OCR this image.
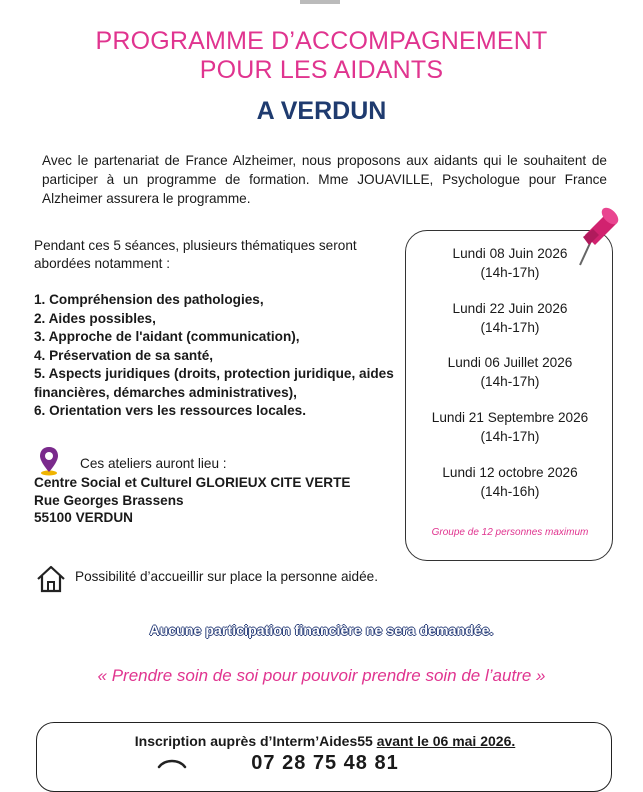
PROGRAMME D’ACCOMPAGNEMENT
POUR LES AIDANTS
A VERDUN
Avec le partenariat de France Alzheimer, nous proposons aux aidants qui le souhaitent de participer à un programme de formation. Mme JOUAVILLE, Psychologue pour France Alzheimer assurera le programme.
Pendant ces 5 séances, plusieurs thématiques seront abordées notamment :
1. Compréhension des pathologies,
2. Aides possibles,
3. Approche de l'aidant (communication),
4. Préservation de sa santé,
5. Aspects juridiques (droits, protection juridique, aides financières, démarches administratives),
6. Orientation vers les ressources locales.
Lundi 08 Juin 2026
(14h-17h)
Lundi 22 Juin 2026
(14h-17h)
Lundi 06 Juillet 2026
(14h-17h)
Lundi 21 Septembre 2026
(14h-17h)
Lundi 12 octobre 2026
(14h-16h)
Groupe de 12 personnes maximum
Ces ateliers auront lieu :
Centre Social et Culturel GLORIEUX CITE VERTE
Rue Georges Brassens
55100 VERDUN
Possibilité d’accueillir sur place la personne aidée.
Aucune participation financière ne sera demandée.
« Prendre soin de soi pour pouvoir prendre soin de l’autre »
Inscription auprès d’Interm’Aides55 avant le 06 mai 2026.
07 28 75 48 81
